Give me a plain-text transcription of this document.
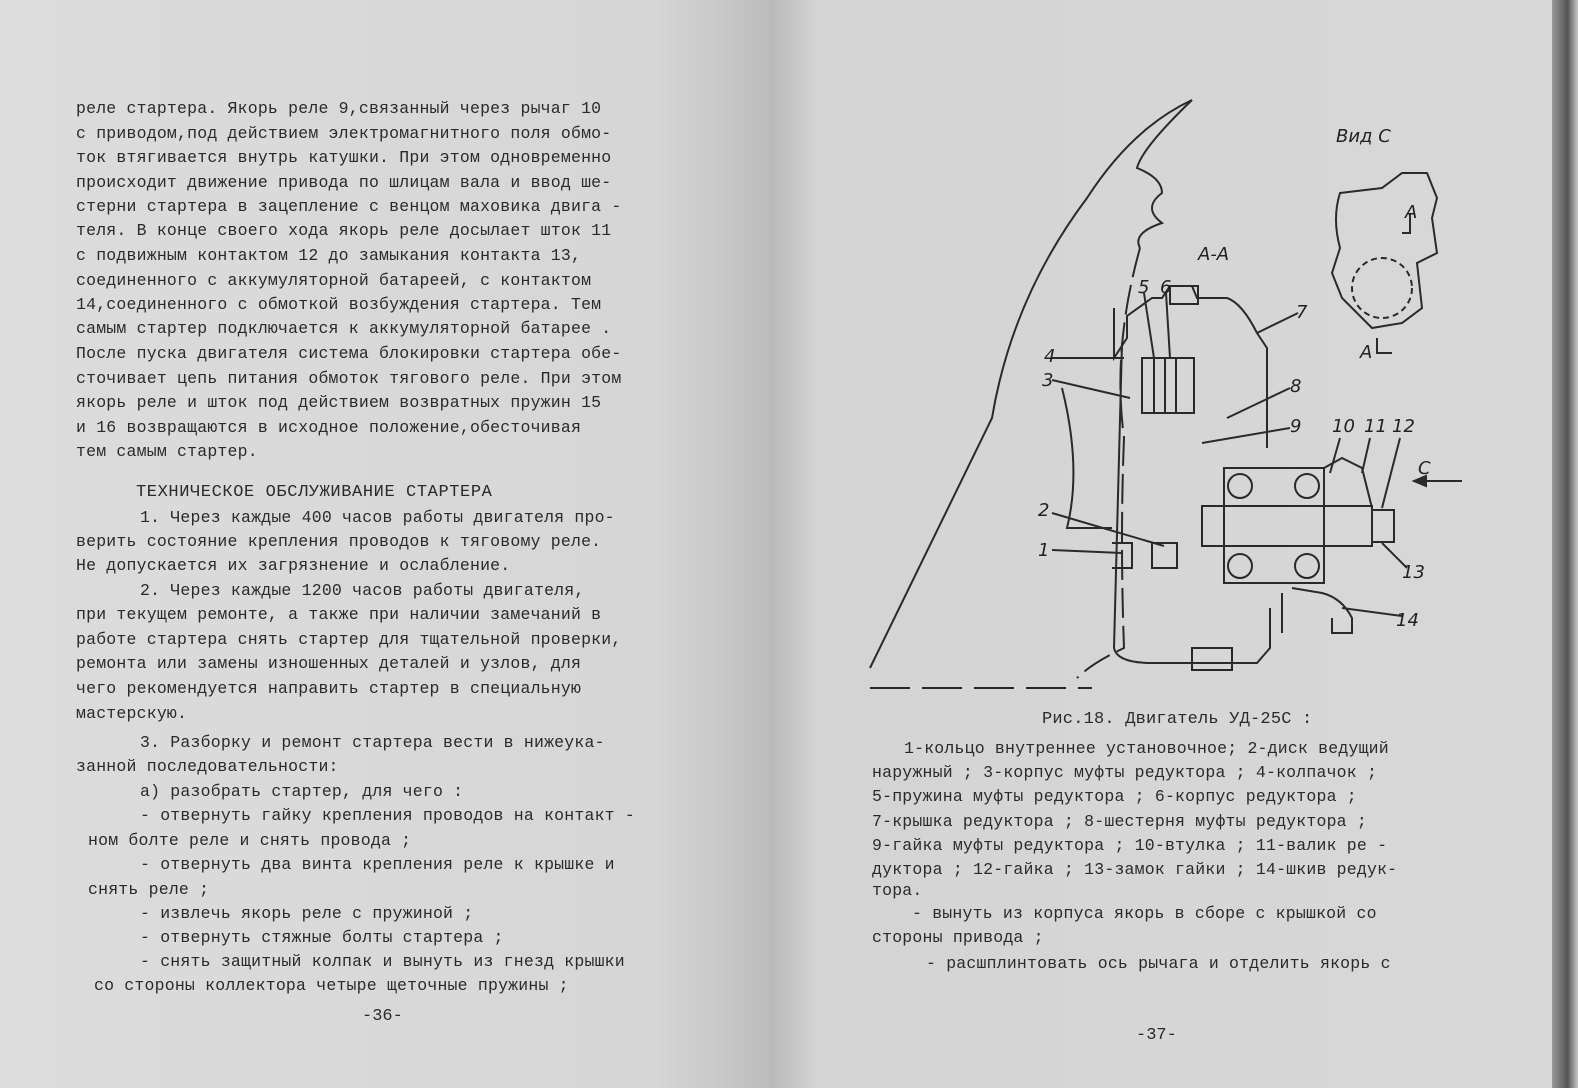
реле стартера. Якорь реле 9,связанный через рычаг 10
с приводом,под действием электромагнитного поля обмо-
ток втягивается внутрь катушки. При этом одновременно
происходит движение привода по шлицам вала и ввод ше-
стерни стартера в зацепление с венцом маховика двига -
теля. В конце своего хода якорь реле досылает шток 11
с подвижным контактом 12 до замыкания контакта 13,
соединенного с аккумуляторной батареей, с контактом
14,соединенного с обмоткой возбуждения стартера. Тем
самым стартер подключается к аккумуляторной батарее .
После пуска двигателя система блокировки стартера обе-
сточивает цепь питания обмоток тягового реле. При этом
якорь реле и шток под действием возвратных пружин 15
и 16 возвращаются в исходное положение,обесточивая
тем самым стартер.
ТЕХНИЧЕСКОЕ ОБСЛУЖИВАНИЕ СТАРТЕРА
1. Через каждые 400 часов работы двигателя про-
верить состояние крепления проводов к тяговому реле.
Не допускается их загрязнение и ослабление.
2. Через каждые 1200 часов работы двигателя,
при текущем ремонте, а также при наличии замечаний в
работе стартера снять стартер для тщательной проверки,
ремонта или замены изношенных деталей и узлов, для
чего рекомендуется направить стартер в специальную
мастерскую.
3. Разборку и ремонт стартера вести в нижеука-
занной последовательности:
а) разобрать стартер, для чего :
- отвернуть гайку крепления проводов на контакт -
ном болте реле и снять провода ;
- отвернуть два винта крепления реле к крышке и
снять реле ;
- извлечь якорь реле с пружиной ;
- отвернуть стяжные болты стартера ;
- снять защитный колпак и вынуть из гнезд крышки
со стороны коллектора четыре щеточные пружины ;
-36-
Рис.18. Двигатель УД-25С :
1-кольцо внутреннее установочное; 2-диск ведущий
наружный ; 3-корпус муфты редуктора ; 4-колпачок ;
5-пружина муфты редуктора ; 6-корпус редуктора ;
7-крышка редуктора ; 8-шестерня муфты редуктора ;
9-гайка муфты редуктора ; 10-втулка ; 11-валик ре -
дуктора ; 12-гайка ; 13-замок гайки ; 14-шкив редук-
тора.
- вынуть из корпуса якорь в сборе с крышкой со
стороны привода ;
- расшплинтовать ось рычага и отделить якорь с
-37-
Вид С
А-А
А
А
С
1
2
3
4
5 6
7
8
9 10 11 12
13
14
